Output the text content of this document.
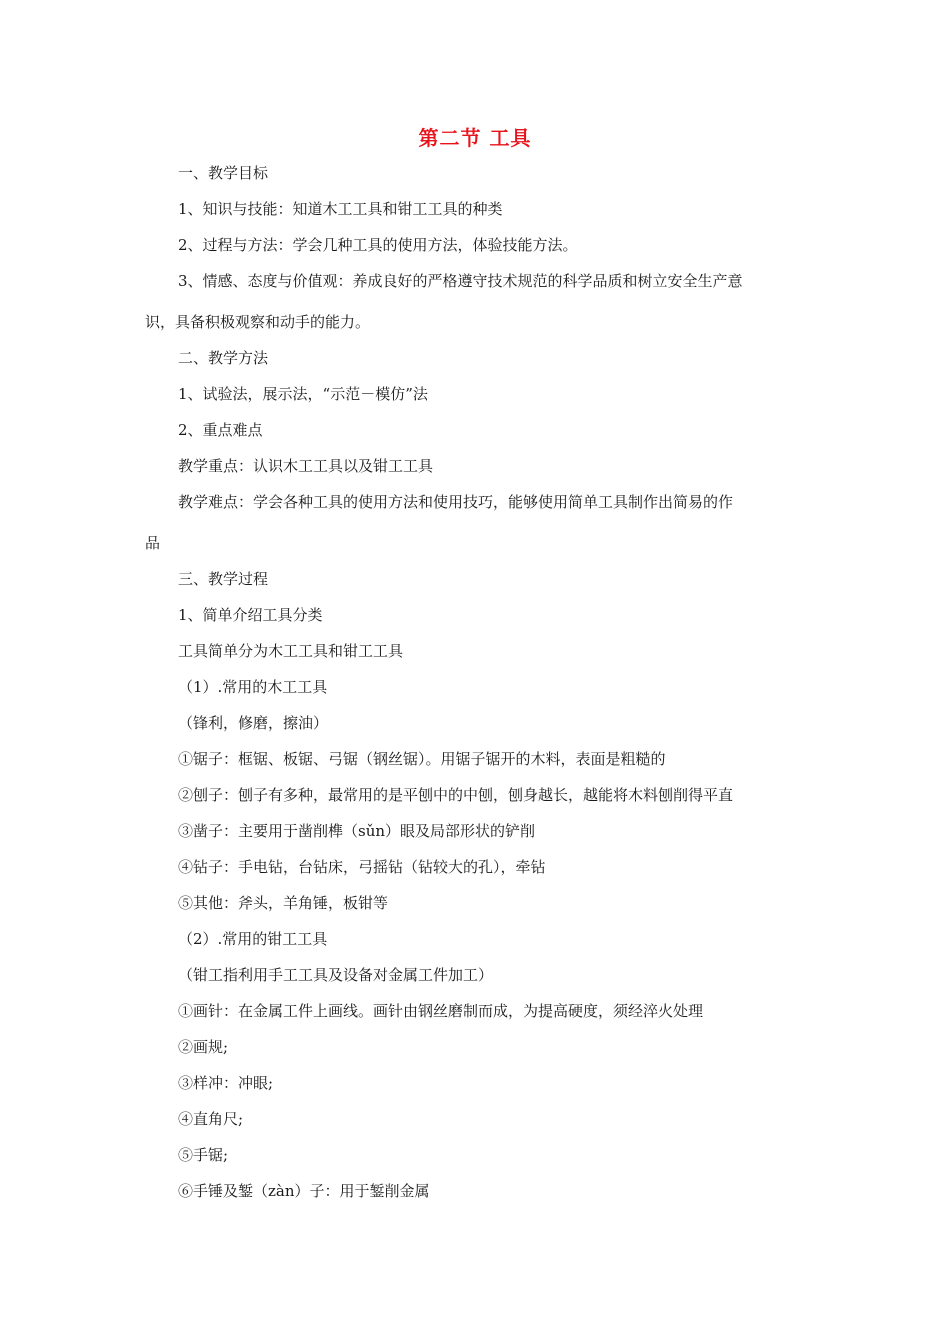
第二节 工具
一、教学目标
1、知识与技能：知道木工工具和钳工工具的种类
2、过程与方法：学会几种工具的使用方法，体验技能方法。
3、情感、态度与价值观：养成良好的严格遵守技术规范的科学品质和树立安全生产意
识，具备积极观察和动手的能力。
二、教学方法
1、试验法，展示法，“示范－模仿”法
2、重点难点
教学重点：认识木工工具以及钳工工具
教学难点：学会各种工具的使用方法和使用技巧，能够使用简单工具制作出简易的作
品
三、教学过程
1、简单介绍工具分类
工具简单分为木工工具和钳工工具
（1）.常用的木工工具
（锋利，修磨，擦油）
①锯子：框锯、板锯、弓锯（钢丝锯）。用锯子锯开的木料，表面是粗糙的
②刨子：刨子有多种，最常用的是平刨中的中刨，刨身越长，越能将木料刨削得平直
③凿子：主要用于凿削榫（sǔn）眼及局部形状的铲削
④钻子：手电钻，台钻床，弓摇钻（钻较大的孔），牵钻
⑤其他：斧头，羊角锤，板钳等
（2）.常用的钳工工具
（钳工指利用手工工具及设备对金属工件加工）
①画针：在金属工件上画线。画针由钢丝磨制而成，为提高硬度，须经淬火处理
②画规;
③样冲：冲眼;
④直角尺;
⑤手锯;
⑥手锤及錾（zàn）子：用于錾削金属
